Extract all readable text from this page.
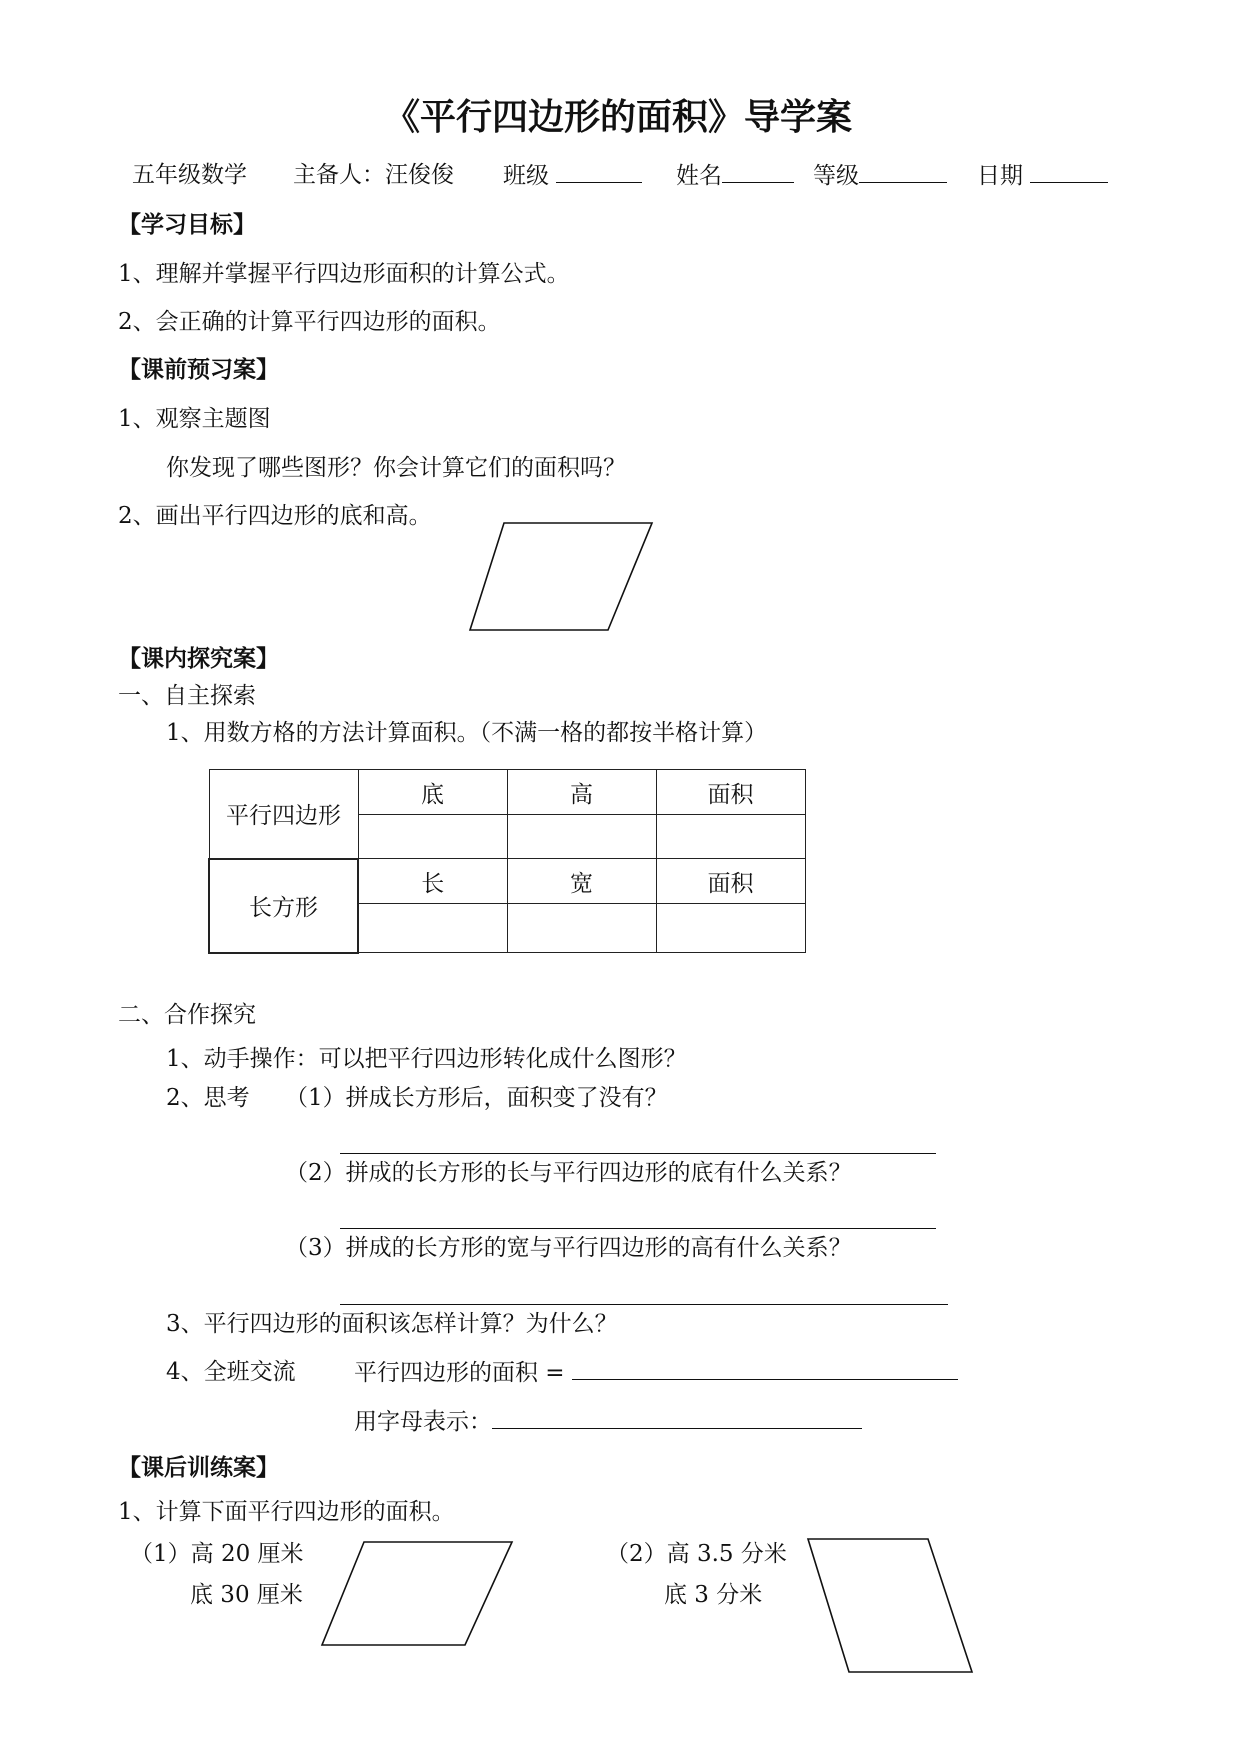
《平行四边形的面积》导学案
五年级数学 主备人：汪俊俊 班级	姓名	等级	日期
【学习目标】
1、理解并掌握平行四边形面积的计算公式。
2、会正确的计算平行四边形的面积。
【课前预习案】
1、观察主题图
你发现了哪些图形？你会计算它们的面积吗？
2、画出平行四边形的底和高。
【课内探究案】
一、自主探索
1、用数方格的方法计算面积。（不满一格的都按半格计算）
平行四边形	底	高	面积

长方形	长	宽	面积

二、合作探究
1、动手操作：可以把平行四边形转化成什么图形？
2、思考 （1）拼成长方形后，面积变了没有？
（2）拼成的长方形的长与平行四边形的底有什么关系？
（3）拼成的长方形的宽与平行四边形的高有什么关系？
3、平行四边形的面积该怎样计算？为什么？
4、全班交流	平行四边形的面积 =
用字母表示：
【课后训练案】
1、计算下面平行四边形的面积。
（1）高 20 厘米
底 30 厘米
（2）高 3.5 分米
底 3 分米
